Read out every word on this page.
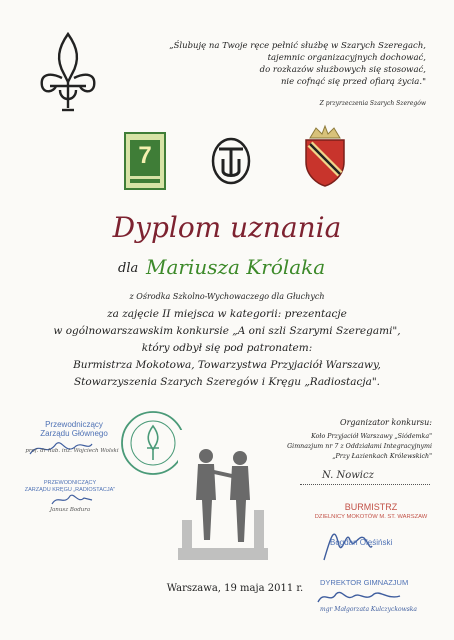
„Ślubuję na Twoje ręce pełnić służbę w Szarych Szeregach,
tajemnic organizacyjnych dochować,
do rozkazów służbowych się stosować,
nie cofnąć się przed ofiarą życia."
Z przyrzeczenia Szarych Szeregów
7
Dyplom uznania
dla Mariusza Królaka
z Ośrodka Szkolno-Wychowaczego dla Głuchych
za zajęcie II miejsca w kategorii: prezentacje
w ogólnowarszawskim konkursie „A oni szli Szarymi Szeregami",
który odbył się pod patronatem:
Burmistrza Mokotowa, Towarzystwa Przyjaciół Warszawy,
Stowarzyszenia Szarych Szeregów i Kręgu „Radiostacja".
Przewodniczący
Zarządu Głównego
prof. dr hab. inż. Wojciech Wolski
PRZEWODNICZĄCY
ZARZĄDU KRĘGU „RADIOSTACJA"
Janusz Bodura
Organizator konkursu:
Koło Przyjaciół Warszawy „Siódemka"
Gimnazjum nr 7 z Oddziałami Integracyjnymi
„Przy Łazienkach Królewskich"
N. Nowicz
BURMISTRZ
DZIELNICY MOKOTÓW M. ST. WARSZAW
Bogdan Oleśiński
DYREKTOR GIMNAZJUM
mgr Małgorzata Kulczyckowska
Warszawa, 19 maja 2011 r.
